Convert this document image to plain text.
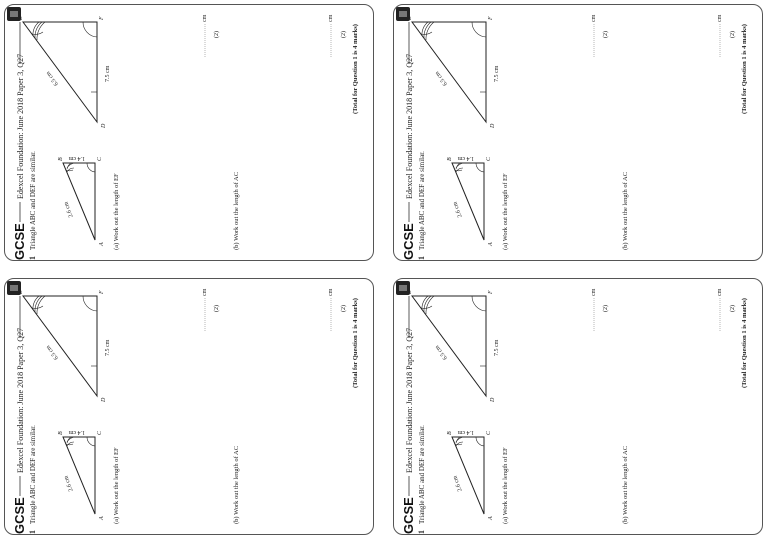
GCSE
Edexcel Foundation: June 2018 Paper 3, Q27
1
Triangle ABC and DEF are similar.	A
B	C
2.6 cm
1.4 cm
D
E	F
6.5 cm	7.5 cm
(a) Work out the length of EF
cm
(2)
(b) Work out the length of AC
cm
(2) (Total for Question 1 is 4 marks)
GCSE
Edexcel Foundation: June 2018 Paper 3, Q27
1
Triangle ABC and DEF are similar.	A
B	C
2.6 cm
1.4 cm
D
E	F
6.5 cm	7.5 cm
(a) Work out the length of EF
cm
(2)
(b) Work out the length of AC
cm
(2) (Total for Question 1 is 4 marks)
GCSE
Edexcel Foundation: June 2018 Paper 3, Q27
1
Triangle ABC and DEF are similar.	A
B	C
2.6 cm
1.4 cm
D
E	F
6.5 cm	7.5 cm
(a) Work out the length of EF
cm
(2)
(b) Work out the length of AC
cm
(2) (Total for Question 1 is 4 marks)
GCSE
Edexcel Foundation: June 2018 Paper 3, Q27
1
Triangle ABC and DEF are similar.	A
B	C
2.6 cm
1.4 cm
D
E	F
6.5 cm	7.5 cm
(a) Work out the length of EF
cm
(2)
(b) Work out the length of AC
cm
(2) (Total for Question 1 is 4 marks)
